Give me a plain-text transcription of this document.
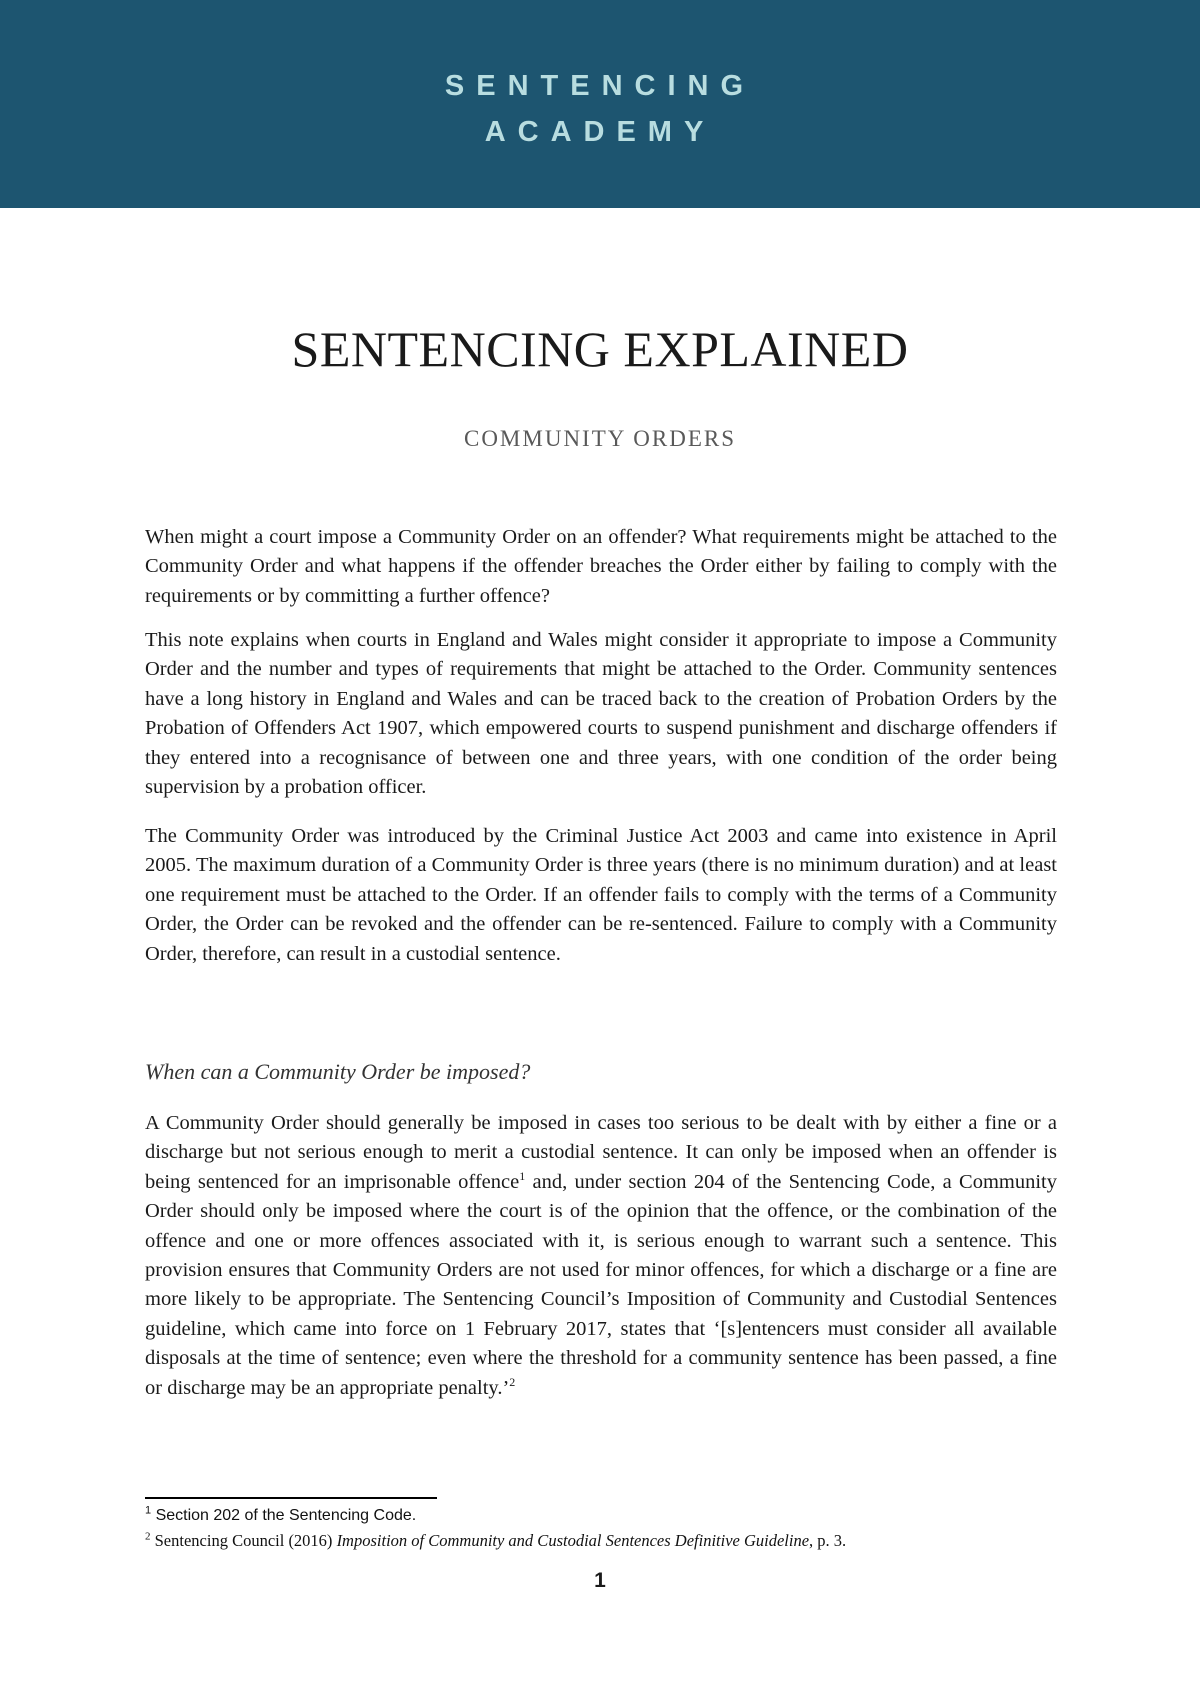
SENTENCING
ACADEMY
SENTENCING EXPLAINED
COMMUNITY ORDERS

When might a court impose a Community Order on an offender? What requirements might be attached to the Community Order and what happens if the offender breaches the Order either by failing to comply with the requirements or by committing a further offence?

This note explains when courts in England and Wales might consider it appropriate to impose a Community Order and the number and types of requirements that might be attached to the Order. Community sentences have a long history in England and Wales and can be traced back to the creation of Probation Orders by the Probation of Offenders Act 1907, which empowered courts to suspend punishment and discharge offenders if they entered into a recognisance of between one and three years, with one condition of the order being supervision by a probation officer.

The Community Order was introduced by the Criminal Justice Act 2003 and came into existence in April 2005. The maximum duration of a Community Order is three years (there is no minimum duration) and at least one requirement must be attached to the Order. If an offender fails to comply with the terms of a Community Order, the Order can be revoked and the offender can be re-sentenced. Failure to comply with a Community Order, therefore, can result in a custodial sentence.

When can a Community Order be imposed?

A Community Order should generally be imposed in cases too serious to be dealt with by either a fine or a discharge but not serious enough to merit a custodial sentence. It can only be imposed when an offender is being sentenced for an imprisonable offence$^1$ and, under section 204 of the Sentencing Code, a Community Order should only be imposed where the court is of the opinion that the offence, or the combination of the offence and one or more offences associated with it, is serious enough to warrant such a sentence. This provision ensures that Community Orders are not used for minor offences, for which a discharge or a fine are more likely to be appropriate. The Sentencing Council’s Imposition of Community and Custodial Sentences guideline, which came into force on 1 February 2017, states that ‘[s]entencers must consider all available disposals at the time of sentence; even where the threshold for a community sentence has been passed, a fine or discharge may be an appropriate penalty.’$^2$

$^1$ Section 202 of the Sentencing Code.
$^2$ Sentencing Council (2016) Imposition of Community and Custodial Sentences Definitive Guideline, p. 3.
1
